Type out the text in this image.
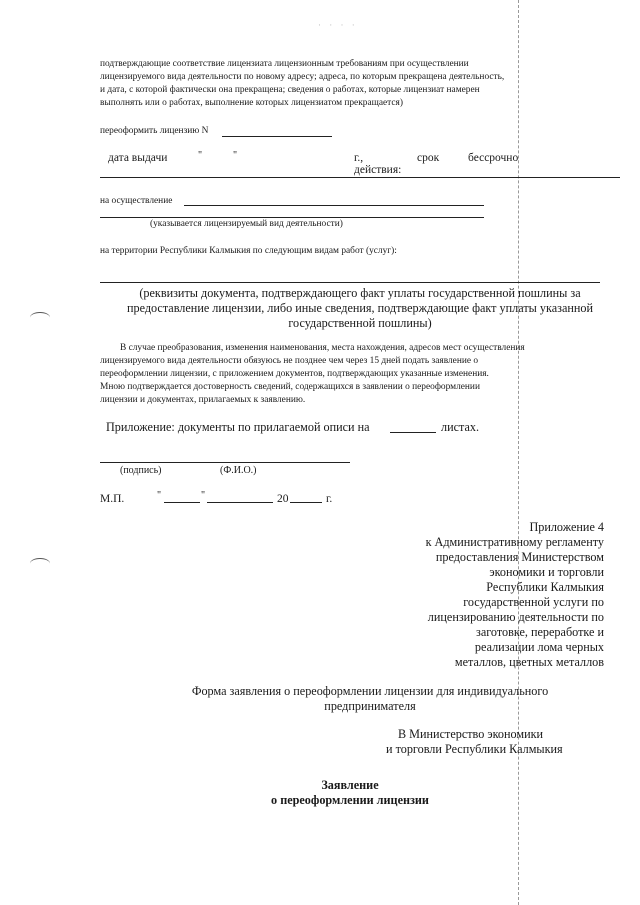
· · · ·
подтверждающие соответствие лицензиата лицензионным требованиям при осуществлении
лицензируемого вида деятельности по новому адресу; адреса, по которым прекращена деятельность,
и дата, с которой фактически она прекращена; сведения о работах, которые лицензиат намерен
выполнять или о работах, выполнение которых лицензиатом прекращается)
переоформить лицензию N
дата выдачи	"	"	г.,	срок	бессрочно
действия:
на осуществление
(указывается лицензируемый вид деятельности)
на территории Республики Калмыкия по следующим видам работ (услуг):
(реквизиты документа, подтверждающего факт уплаты государственной пошлины за
предоставление лицензии, либо иные сведения, подтверждающие факт уплаты указанной
государственной пошлины)
В случае преобразования, изменения наименования, места нахождения, адресов мест осуществления
лицензируемого вида деятельности обязуюсь не позднее чем через 15 дней подать заявление о
переоформлении лицензии, с приложением документов, подтверждающих указанные изменения.
Мною подтверждается достоверность сведений, содержащихся в заявлении о переоформлении
лицензии и документах, прилагаемых к заявлению.
Приложение: документы по прилагаемой описи на	листах.
(подпись)	(Ф.И.О.)
М.П.	"	"	20	г.
Приложение 4
к Административному регламенту
предоставления Министерством
экономики и торговли
Республики Калмыкия
государственной услуги по
лицензированию деятельности по
заготовке, переработке и
реализации лома черных
металлов, цветных металлов
Форма заявления о переоформлении лицензии для индивидуального
предпринимателя
В Министерство экономики
и торговли Республики Калмыкия
Заявление
о переоформлении лицензии
